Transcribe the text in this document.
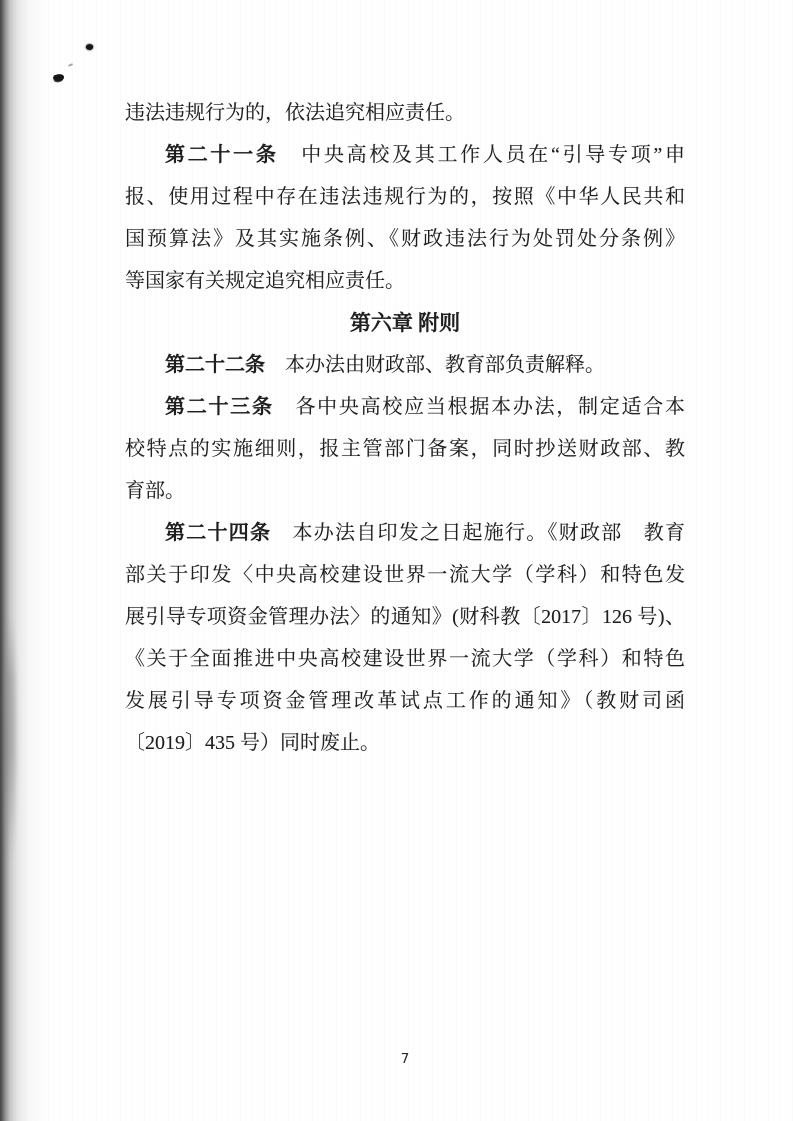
违法违规行为的，依法追究相应责任。

第二十一条　中央高校及其工作人员在“引导专项”申

报、使用过程中存在违法违规行为的，按照《中华人民共和

国预算法》及其实施条例、《财政违法行为处罚处分条例》

等国家有关规定追究相应责任。

第六章 附则

第二十二条　本办法由财政部、教育部负责解释。

第二十三条　各中央高校应当根据本办法，制定适合本

校特点的实施细则，报主管部门备案，同时抄送财政部、教

育部。

第二十四条　本办法自印发之日起施行。《财政部　教育

部关于印发〈中央高校建设世界一流大学（学科）和特色发

展引导专项资金管理办法〉的通知》(财科教〔2017〕126 号)、

《关于全面推进中央高校建设世界一流大学（学科）和特色

发展引导专项资金管理改革试点工作的通知》（教财司函

〔2019〕435 号）同时废止。

7
